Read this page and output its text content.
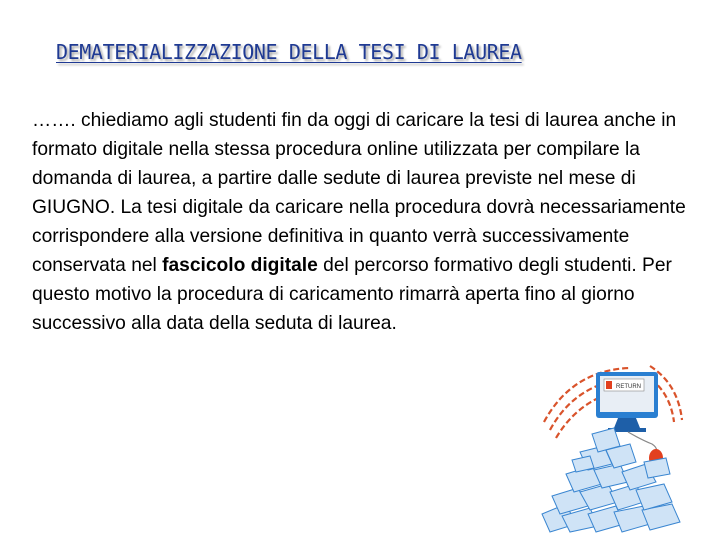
DEMATERIALIZZAZIONE DELLA TESI DI LAUREA
……. chiediamo agli studenti fin da oggi di caricare la tesi di laurea anche in formato digitale nella stessa procedura online utilizzata per compilare la domanda di laurea, a partire dalle sedute di laurea previste nel mese di GIUGNO. La tesi digitale da caricare nella procedura dovrà necessariamente corrispondere alla versione definitiva in quanto verrà successivamente conservata nel fascicolo digitale del percorso formativo degli studenti. Per questo motivo la procedura di caricamento rimarrà aperta fino al giorno successivo alla data della seduta di laurea.
RETURN
